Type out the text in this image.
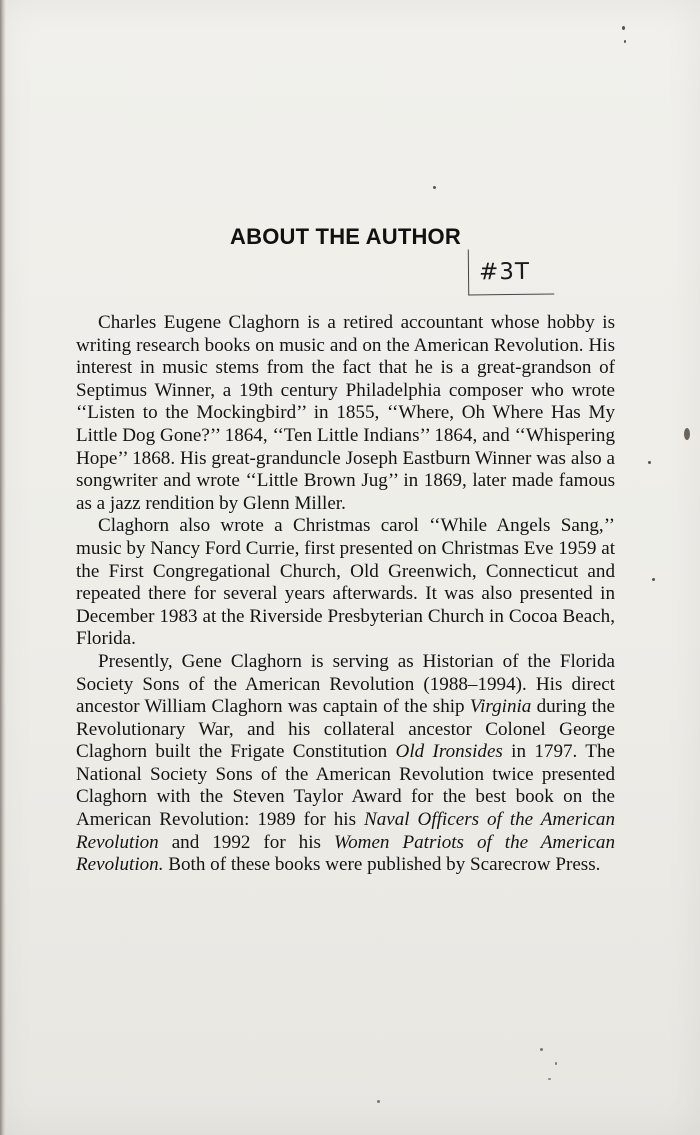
ABOUT THE AUTHOR
#3T

Charles Eugene Claghorn is a retired accountant whose hobby is writing research books on music and on the American Revolution. His interest in music stems from the fact that he is a great-grandson of Septimus Winner, a 19th century Philadelphia composer who wrote ‘‘Listen to the Mockingbird’’ in 1855, ‘‘Where, Oh Where Has My Little Dog Gone?’’ 1864, ‘‘Ten Little Indians’’ 1864, and ‘‘Whispering Hope’’ 1868. His great-granduncle Joseph Eastburn Winner was also a songwriter and wrote ‘‘Little Brown Jug’’ in 1869, later made famous as a jazz rendition by Glenn Miller.

Claghorn also wrote a Christmas carol ‘‘While Angels Sang,’’ music by Nancy Ford Currie, first presented on Christmas Eve 1959 at the First Congregational Church, Old Greenwich, Connecticut and repeated there for several years afterwards. It was also presented in December 1983 at the Riverside Presbyterian Church in Cocoa Beach, Florida.

Presently, Gene Claghorn is serving as Historian of the Florida Society Sons of the American Revolution (1988–1994). His direct ancestor William Claghorn was captain of the ship Virginia during the Revolutionary War, and his collateral ancestor Colonel George Claghorn built the Frigate Constitution Old Ironsides in 1797. The National Society Sons of the American Revolution twice presented Claghorn with the Steven Taylor Award for the best book on the American Revolution: 1989 for his Naval Officers of the American Revolution and 1992 for his Women Patriots of the American Revolution. Both of these books were published by Scarecrow Press.
